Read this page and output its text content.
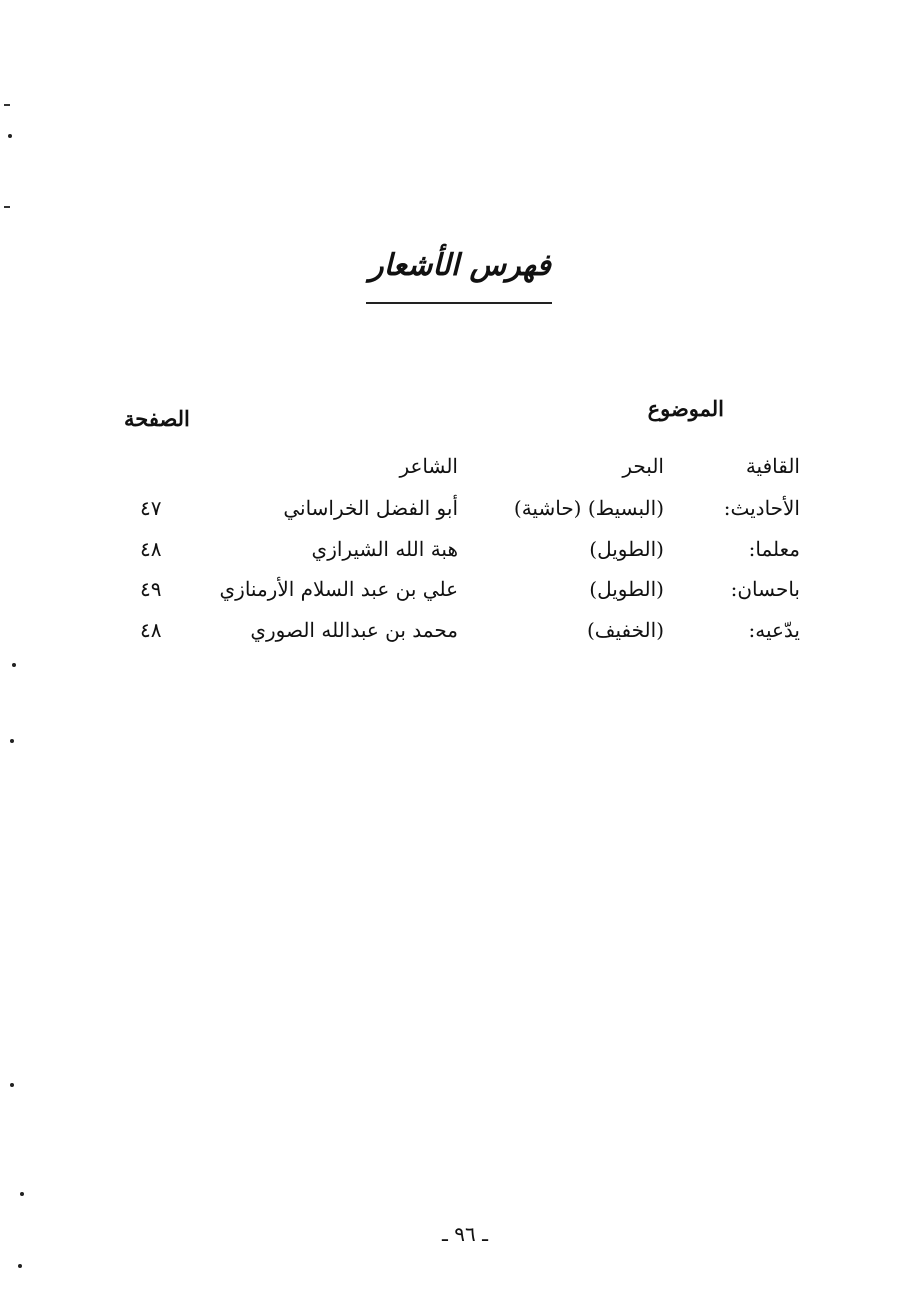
فهرس الأشعار
الموضوع
الصفحة
القافية
البحر
الشاعر
الأحاديث:
(البسيط) (حاشية)
أبو الفضل الخراساني
٤٧
معلما:
(الطويل)
هبة الله الشيرازي
٤٨
باحسان:
(الطويل)
علي بن عبد السلام الأرمنازي
٤٩
يدّعيه:
(الخفيف)
محمد بن عبدالله الصوري
٤٨
ـ ٩٦ ـ
